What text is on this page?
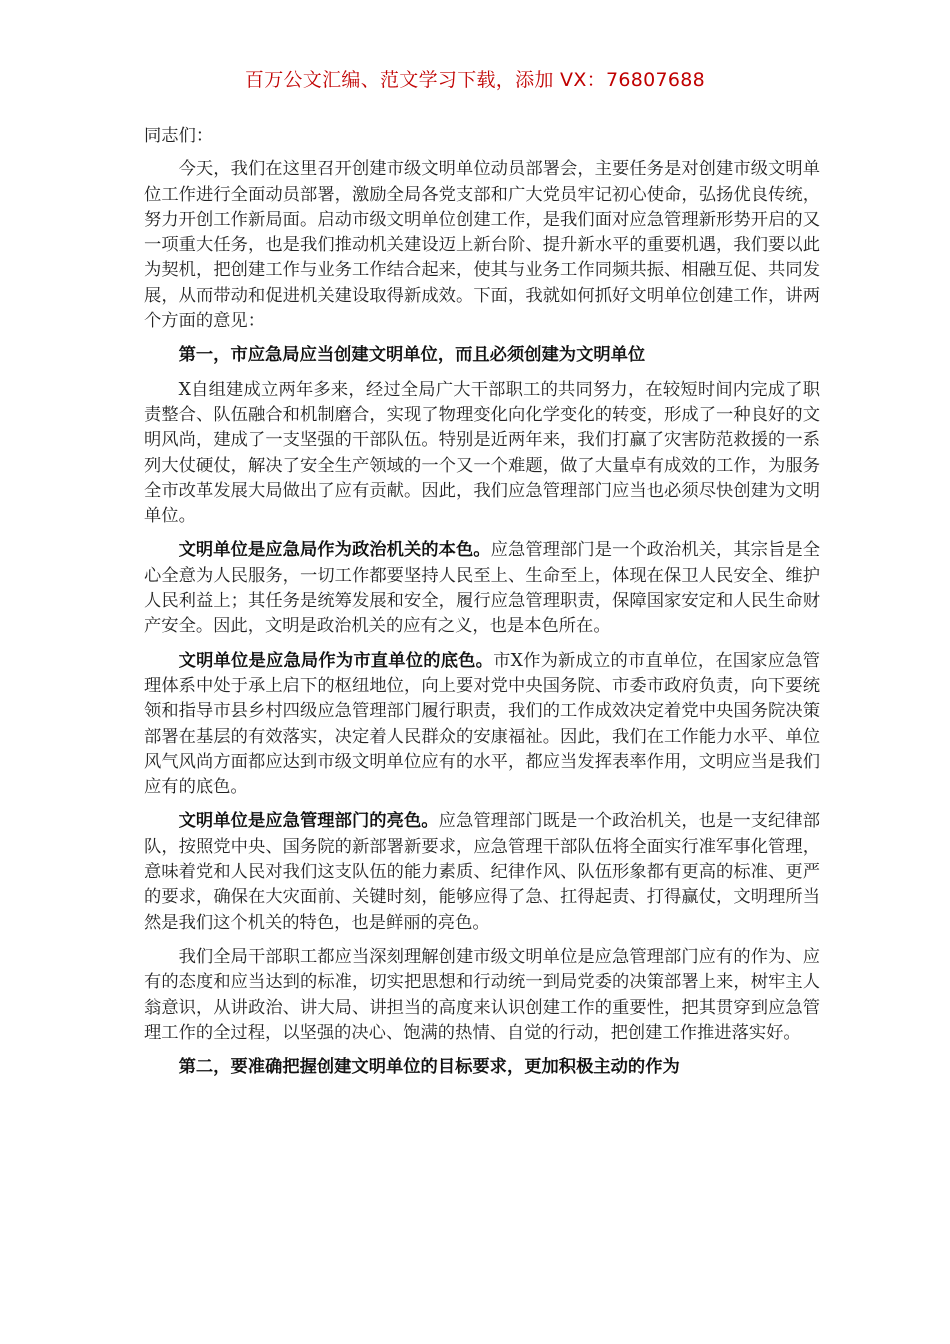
百万公文汇编、范文学习下载，添加 VX：76807688

同志们：

今天，我们在这里召开创建市级文明单位动员部署会，主要任务是对创建市级文明单位工作进行全面动员部署，激励全局各党支部和广大党员牢记初心使命，弘扬优良传统，努力开创工作新局面。启动市级文明单位创建工作，是我们面对应急管理新形势开启的又一项重大任务，也是我们推动机关建设迈上新台阶、提升新水平的重要机遇，我们要以此为契机，把创建工作与业务工作结合起来，使其与业务工作同频共振、相融互促、共同发展，从而带动和促进机关建设取得新成效。下面，我就如何抓好文明单位创建工作，讲两个方面的意见：

第一，市应急局应当创建文明单位，而且必须创建为文明单位

X自组建成立两年多来，经过全局广大干部职工的共同努力，在较短时间内完成了职责整合、队伍融合和机制磨合，实现了物理变化向化学变化的转变，形成了一种良好的文明风尚，建成了一支坚强的干部队伍。特别是近两年来，我们打赢了灾害防范救援的一系列大仗硬仗，解决了安全生产领域的一个又一个难题，做了大量卓有成效的工作，为服务全市改革发展大局做出了应有贡献。因此，我们应急管理部门应当也必须尽快创建为文明单位。

文明单位是应急局作为政治机关的本色。应急管理部门是一个政治机关，其宗旨是全心全意为人民服务，一切工作都要坚持人民至上、生命至上，体现在保卫人民安全、维护人民利益上；其任务是统筹发展和安全，履行应急管理职责，保障国家安定和人民生命财产安全。因此，文明是政治机关的应有之义，也是本色所在。

文明单位是应急局作为市直单位的底色。市X作为新成立的市直单位，在国家应急管理体系中处于承上启下的枢纽地位，向上要对党中央国务院、市委市政府负责，向下要统领和指导市县乡村四级应急管理部门履行职责，我们的工作成效决定着党中央国务院决策部署在基层的有效落实，决定着人民群众的安康福祉。因此，我们在工作能力水平、单位风气风尚方面都应达到市级文明单位应有的水平，都应当发挥表率作用，文明应当是我们应有的底色。

文明单位是应急管理部门的亮色。应急管理部门既是一个政治机关，也是一支纪律部队，按照党中央、国务院的新部署新要求，应急管理干部队伍将全面实行准军事化管理，意味着党和人民对我们这支队伍的能力素质、纪律作风、队伍形象都有更高的标准、更严的要求，确保在大灾面前、关键时刻，能够应得了急、扛得起责、打得赢仗，文明理所当然是我们这个机关的特色，也是鲜丽的亮色。

我们全局干部职工都应当深刻理解创建市级文明单位是应急管理部门应有的作为、应有的态度和应当达到的标准，切实把思想和行动统一到局党委的决策部署上来，树牢主人翁意识，从讲政治、讲大局、讲担当的高度来认识创建工作的重要性，把其贯穿到应急管理工作的全过程，以坚强的决心、饱满的热情、自觉的行动，把创建工作推进落实好。

第二，要准确把握创建文明单位的目标要求，更加积极主动的作为
